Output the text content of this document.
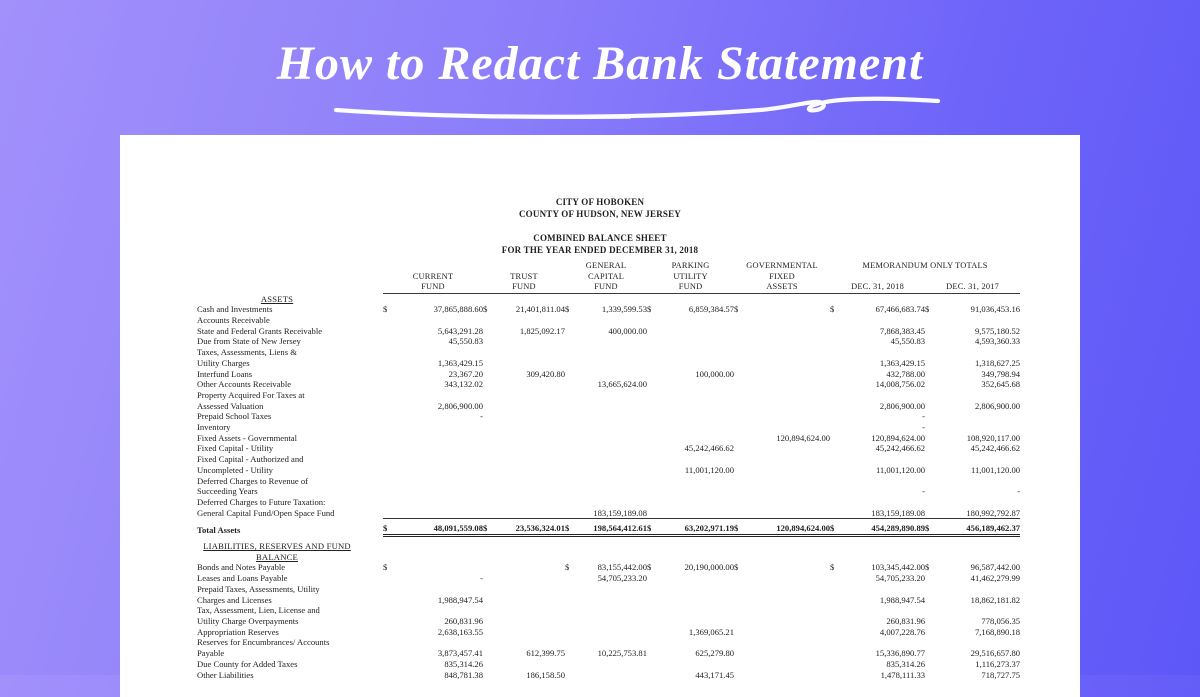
How to Redact Bank Statement
CITY OF HOBOKEN
COUNTY OF HUDSON, NEW JERSEY
COMBINED BALANCE SHEET
FOR THE YEAR ENDED DECEMBER 31, 2018
					GENERAL		PARKING		GOVERNMENTAL		MEMORANDUM ONLY TOTALS			
	CURRENT		TRUST		CAPITAL		UTILITY		FIXED					
	FUND		FUND		FUND		FUND		ASSETS		DEC. 31, 2018		DEC. 31, 2017	
ASSETS														
Cash and Investments	$	37,865,888.60	$	21,401,811.04	$	1,339,599.53	$	6,859,384.57	$		$	67,466,683.74	$	91,036,453.16
Accounts Receivable														
State and Federal Grants Receivable		5,643,291.28		1,825,092.17		400,000.00						7,868,383.45		9,575,180.52
Due from State of New Jersey		45,550.83										45,550.83		4,593,360.33
Taxes, Assessments, Liens &														
Utility Charges		1,363,429.15										1,363,429.15		1,318,627.25
Interfund Loans		23,367.20		309,420.80				100,000.00				432,788.00		349,798.94
Other Accounts Receivable		343,132.02				13,665,624.00						14,008,756.02		352,645.68
Property Acquired For Taxes at														
Assessed Valuation		2,806,900.00										2,806,900.00		2,806,900.00
Prepaid School Taxes		-										-		
Inventory												-		
Fixed Assets - Governmental										120,894,624.00		120,894,624.00		108,920,117.00
Fixed Capital - Utility								45,242,466.62				45,242,466.62		45,242,466.62
Fixed Capital - Authorized and														
Uncompleted - Utility								11,001,120.00				11,001,120.00		11,001,120.00
Deferred Charges to Revenue of														
Succeeding Years												-		-
Deferred Charges to Future Taxation:														
General Capital Fund/Open Space Fund						183,159,189.08						183,159,189.08		180,992,792.87

Total Assets	$	48,091,559.08	$	23,536,324.01	$	198,564,412.61	$	63,202,971.19	$	120,894,624.00	$	454,289,890.89	$	456,189,462.37

LIABILITIES, RESERVES AND FUND														
BALANCE														
Bonds and Notes Payable	$				$	83,155,442.00	$	20,190,000.00	$		$	103,345,442.00	$	96,587,442.00
Leases and Loans Payable		-				54,705,233.20						54,705,233.20		41,462,279.99
Prepaid Taxes, Assessments, Utility														
Charges and Licenses		1,988,947.54										1,988,947.54		18,862,181.82
Tax, Assessment, Lien, License and														
Utility Charge Overpayments		260,831.96										260,831.96		778,056.35
Appropriation Reserves		2,638,163.55						1,369,065.21				4,007,228.76		7,168,890.18
Reserves for Encumbrances/ Accounts														
Payable		3,873,457.41		612,399.75		10,225,753.81		625,279.80				15,336,890.77		29,516,657.80
Due County for Added Taxes		835,314.26										835,314.26		1,116,273.37
Other Liabilities		848,781.38		186,158.50				443,171.45				1,478,111.33		718,727.75
